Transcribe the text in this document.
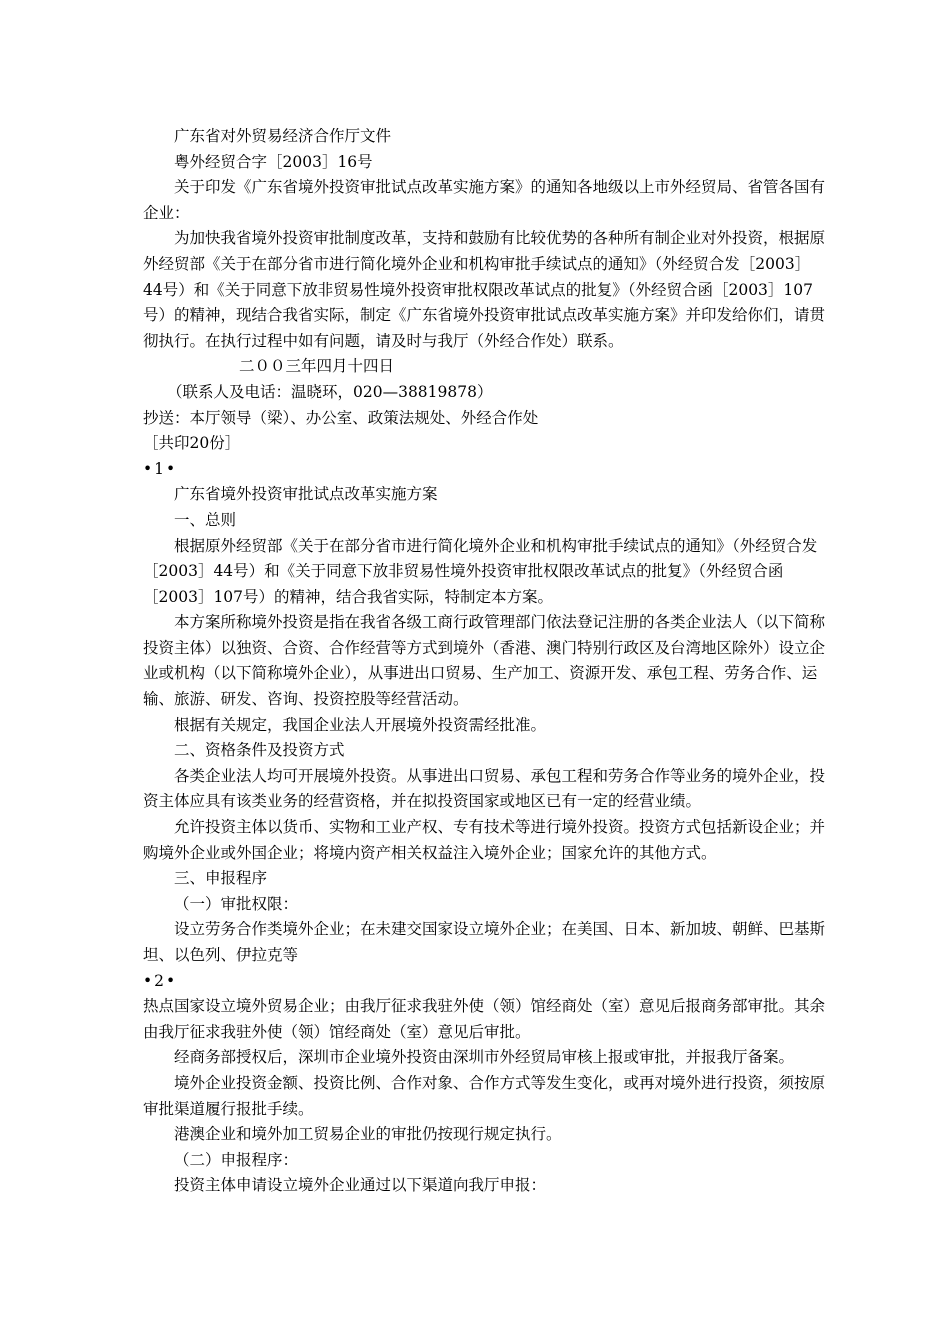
广东省对外贸易经济合作厅文件

粤外经贸合字［2003］16号

关于印发《广东省境外投资审批试点改革实施方案》的通知各地级以上市外经贸局、省管各国有企业：

为加快我省境外投资审批制度改革，支持和鼓励有比较优势的各种所有制企业对外投资，根据原外经贸部《关于在部分省市进行简化境外企业和机构审批手续试点的通知》（外经贸合发［2003］44号）和《关于同意下放非贸易性境外投资审批权限改革试点的批复》（外经贸合函［2003］107号）的精神，现结合我省实际，制定《广东省境外投资审批试点改革实施方案》并印发给你们，请贯彻执行。在执行过程中如有问题，请及时与我厅（外经合作处）联系。

二００三年四月十四日

（联系人及电话：温晓环，020—38819878）

抄送：本厅领导（梁）、办公室、政策法规处、外经合作处

［共印20份］

•1•

广东省境外投资审批试点改革实施方案

一、总则

根据原外经贸部《关于在部分省市进行简化境外企业和机构审批手续试点的通知》（外经贸合发［2003］44号）和《关于同意下放非贸易性境外投资审批权限改革试点的批复》（外经贸合函［2003］107号）的精神，结合我省实际，特制定本方案。

本方案所称境外投资是指在我省各级工商行政管理部门依法登记注册的各类企业法人（以下简称投资主体）以独资、合资、合作经营等方式到境外（香港、澳门特别行政区及台湾地区除外）设立企业或机构（以下简称境外企业），从事进出口贸易、生产加工、资源开发、承包工程、劳务合作、运输、旅游、研发、咨询、投资控股等经营活动。

根据有关规定，我国企业法人开展境外投资需经批准。

二、资格条件及投资方式

各类企业法人均可开展境外投资。从事进出口贸易、承包工程和劳务合作等业务的境外企业，投资主体应具有该类业务的经营资格，并在拟投资国家或地区已有一定的经营业绩。

允许投资主体以货币、实物和工业产权、专有技术等进行境外投资。投资方式包括新设企业；并购境外企业或外国企业；将境内资产相关权益注入境外企业；国家允许的其他方式。

三、申报程序

（一）审批权限：

设立劳务合作类境外企业；在未建交国家设立境外企业；在美国、日本、新加坡、朝鲜、巴基斯坦、以色列、伊拉克等

•2•

热点国家设立境外贸易企业；由我厅征求我驻外使（领）馆经商处（室）意见后报商务部审批。其余由我厅征求我驻外使（领）馆经商处（室）意见后审批。

经商务部授权后，深圳市企业境外投资由深圳市外经贸局审核上报或审批，并报我厅备案。

境外企业投资金额、投资比例、合作对象、合作方式等发生变化，或再对境外进行投资，须按原审批渠道履行报批手续。

港澳企业和境外加工贸易企业的审批仍按现行规定执行。

（二）申报程序：

投资主体申请设立境外企业通过以下渠道向我厅申报：
